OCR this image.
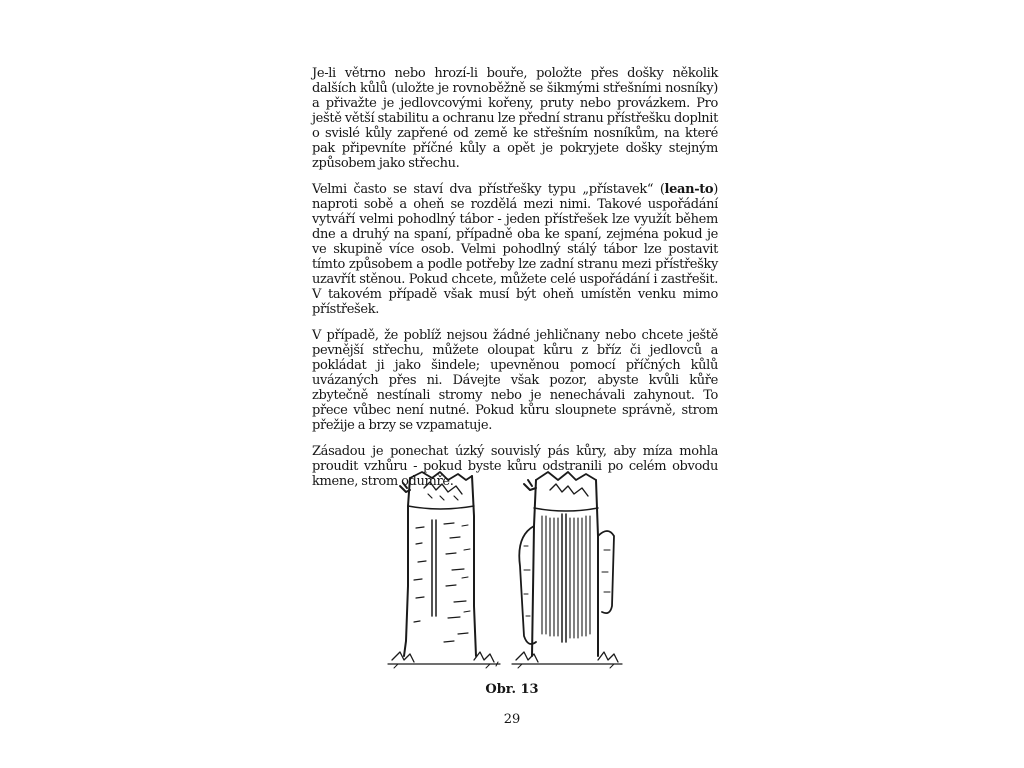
Je-li větrno nebo hrozí-li bouře, položte přes došky několik dalších kůlů (uložte je rovnoběžně se šikmými střešními nosníky) a přivažte je jedlovcovými kořeny, pruty nebo provázkem. Pro ještě větší stabilitu a ochranu lze přední stranu přístřešku doplnit o svislé kůly zapřené od země ke střešním nosníkům, na které pak připevníte příčné kůly a opět je pokryjete došky stejným způsobem jako střechu.

Velmi často se staví dva přístřešky typu „přístavek“ (lean-to) naproti sobě a oheň se rozdělá mezi nimi. Takové uspořádání vytváří velmi pohodlný tábor - jeden přístřešek lze využít během dne a druhý na spaní, případně oba ke spaní, zejména pokud je ve skupině více osob. Velmi pohodlný stálý tábor lze postavit tímto způsobem a podle potřeby lze zadní stranu mezi přístřešky uzavřít stěnou. Pokud chcete, můžete celé uspořádání i zastřešit. V takovém případě však musí být oheň umístěn venku mimo přístřešek.

V případě, že poblíž nejsou žádné jehličnany nebo chcete ještě pevnější střechu, můžete oloupat kůru z bříz či jedlovců a pokládat ji jako šindele; upevněnou pomocí příčných kůlů uvázaných přes ni. Dávejte však pozor, abyste kvůli kůře zbytečně nestínali stromy nebo je nenechávali zahynout. To přece vůbec není nutné. Pokud kůru sloupnete správně, strom přežije a brzy se vzpamatuje.

Zásadou je ponechat úzký souvislý pás kůry, aby míza mohla proudit vzhůru - pokud byste kůru odstranili po celém obvodu kmene, strom odumře.

Obr. 13
29
